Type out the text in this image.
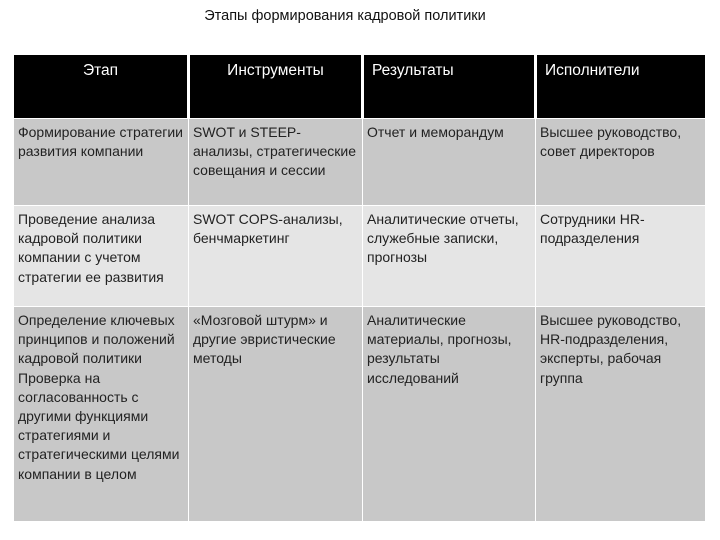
Этапы формирования кадровой политики
Этап	Инструменты	Результаты	Исполнители
Формирование стратегии развития компании	SWOT и STEEP-анализы, стратегические совещания и сессии	Отчет и меморандум	Высшее руководство, совет директоров
Проведение анализа кадровой политики компании с учетом стратегии ее развития	SWOT COPS-анализы, бенчмаркетинг	Аналитические отчеты, служебные записки, прогнозы	Сотрудники HR-подразделения
Определение ключевых принципов и положений кадровой политики Проверка на согласованность с другими функциями стратегиями и стратегическими целями компании в целом	«Мозговой штурм» и другие эвристические методы	Аналитические материалы, прогнозы, результаты исследований	Высшее руководство, HR-подразделения, эксперты, рабочая группа
